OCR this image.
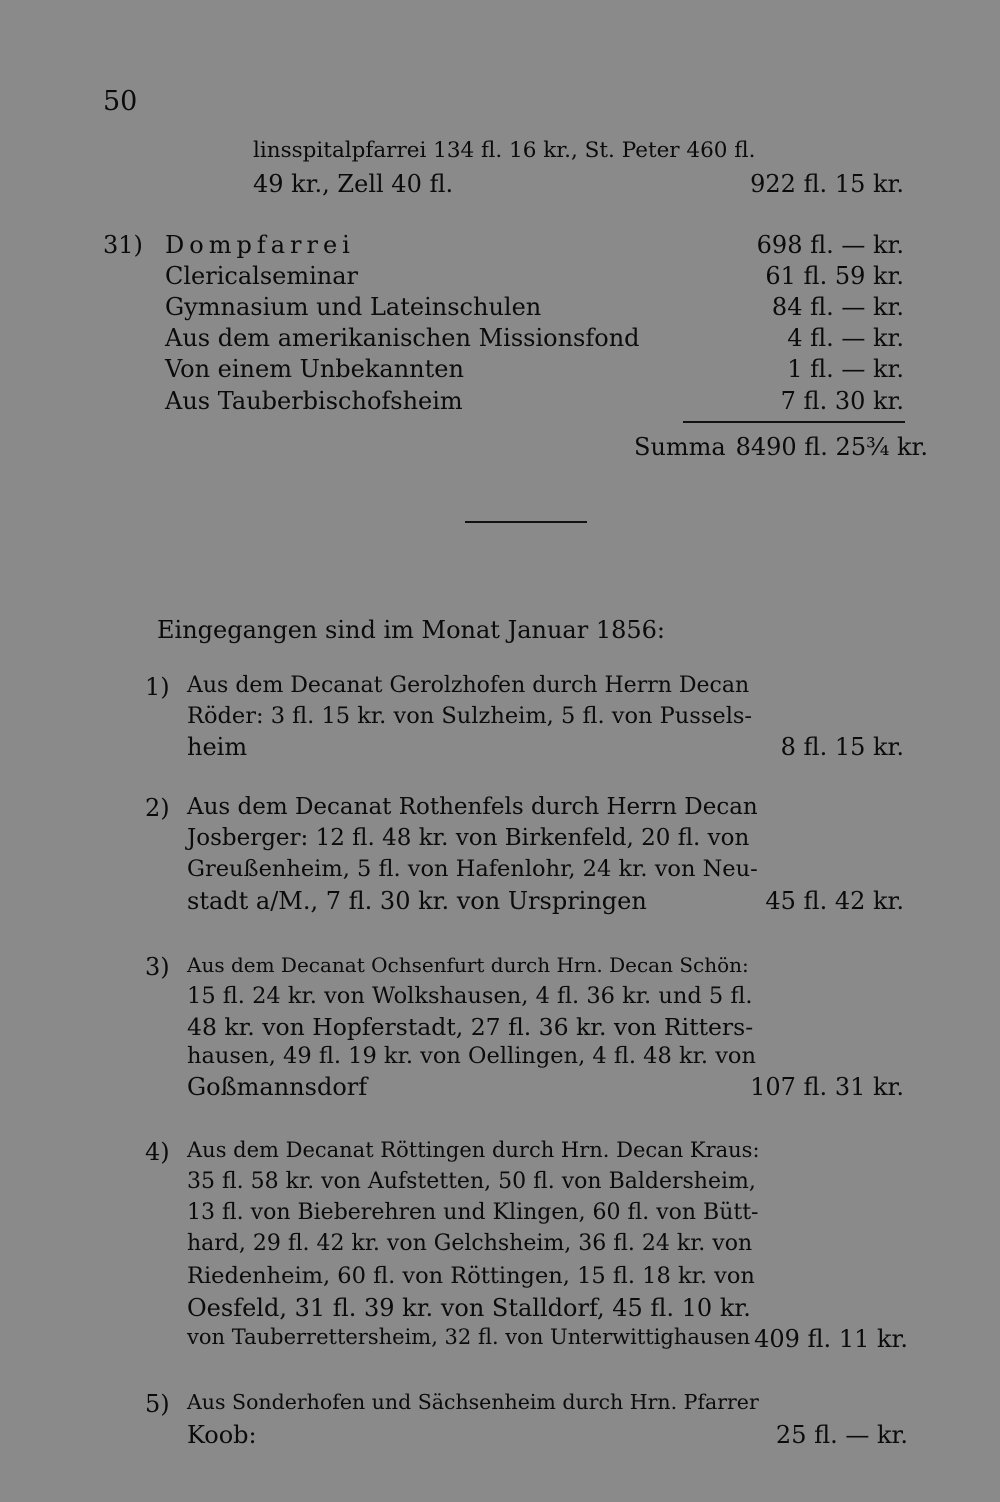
50
linsspitalpfarrei 134 fl. 16 kr., St. Peter 460 fl.
49 kr., Zell 40 fl.	922 fl. 15 kr.
31) Dompfarrei	698 fl. — kr.
Clericalseminar	61 fl. 59 kr.
Gymnasium und Lateinschulen	84 fl. — kr.
Aus dem amerikanischen Missionsfond	4 fl. — kr.
Von einem Unbekannten	1 fl. — kr.
Aus Tauberbischofsheim	7 fl. 30 kr.
Summa 8490 fl. 25¾ kr.
Eingegangen sind im Monat Januar 1856:
1) Aus dem Decanat Gerolzhofen durch Herrn Decan
Röder: 3 fl. 15 kr. von Sulzheim, 5 fl. von Pussels-
heim	8 fl. 15 kr.
2) Aus dem Decanat Rothenfels durch Herrn Decan
Josberger: 12 fl. 48 kr. von Birkenfeld, 20 fl. von
Greußenheim, 5 fl. von Hafenlohr, 24 kr. von Neu-
stadt a/M., 7 fl. 30 kr. von Urspringen	45 fl. 42 kr.
3) Aus dem Decanat Ochsenfurt durch Hrn. Decan Schön:
15 fl. 24 kr. von Wolkshausen, 4 fl. 36 kr. und 5 fl.
48 kr. von Hopferstadt, 27 fl. 36 kr. von Ritters-
hausen, 49 fl. 19 kr. von Oellingen, 4 fl. 48 kr. von
Goßmannsdorf	107 fl. 31 kr.
4) Aus dem Decanat Röttingen durch Hrn. Decan Kraus:
35 fl. 58 kr. von Aufstetten, 50 fl. von Baldersheim,
13 fl. von Bieberehren und Klingen, 60 fl. von Bütt-
hard, 29 fl. 42 kr. von Gelchsheim, 36 fl. 24 kr. von
Riedenheim, 60 fl. von Röttingen, 15 fl. 18 kr. von
Oesfeld, 31 fl. 39 kr. von Stalldorf, 45 fl. 10 kr.
von Tauberrettersheim, 32 fl. von Unterwittighausen 409 fl. 11 kr.
5) Aus Sonderhofen und Sächsenheim durch Hrn. Pfarrer
Koob:	25 fl. — kr.
